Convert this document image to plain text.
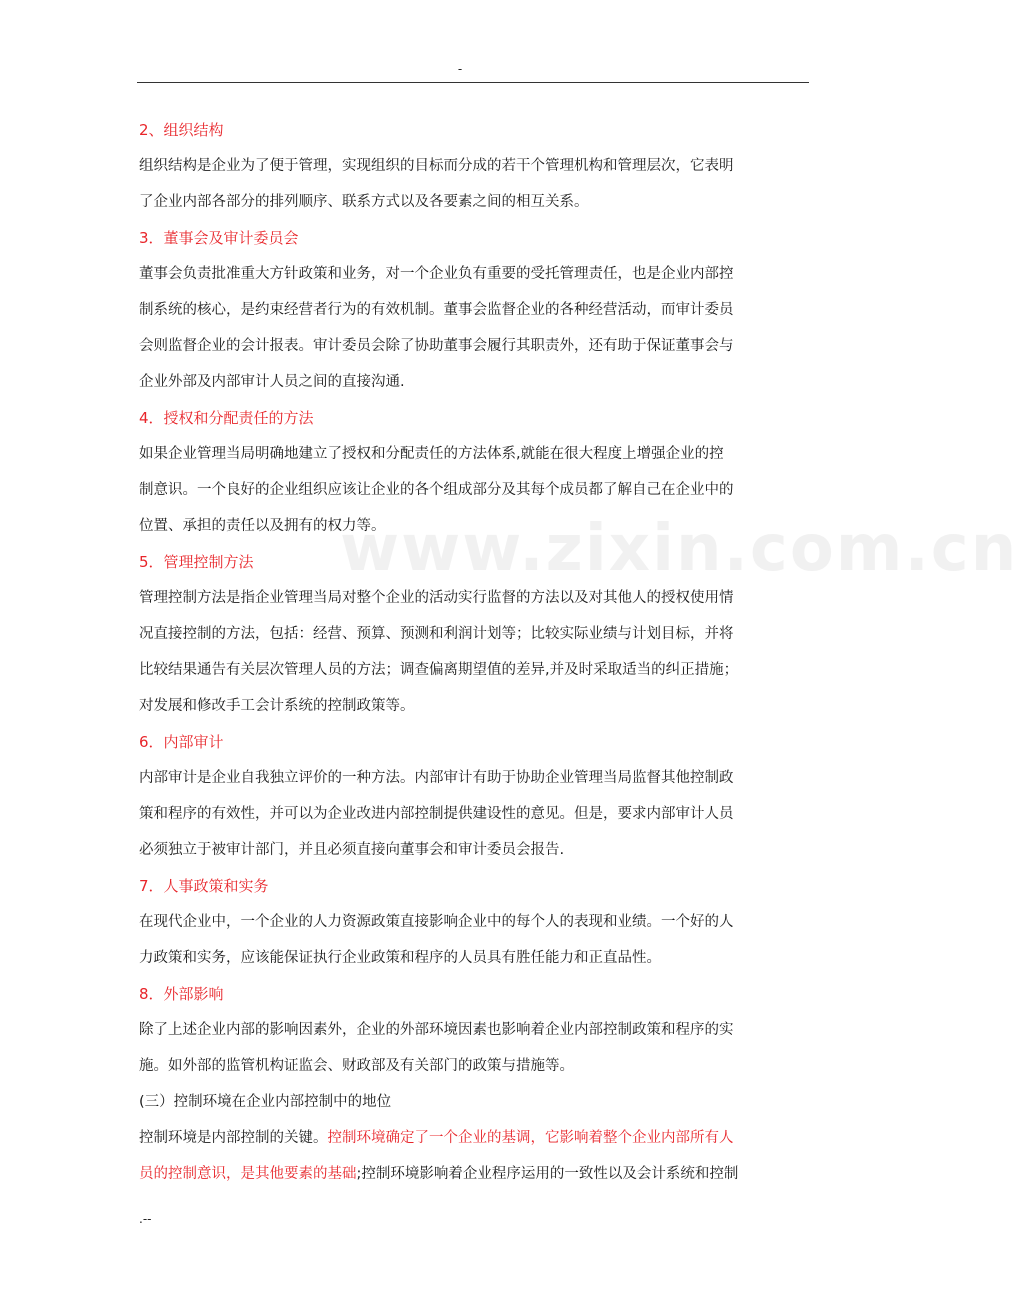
-
www.zixin.com.cn

2、组织结构

组织结构是企业为了便于管理，实现组织的目标而分成的若干个管理机构和管理层次，它表明
了企业内部各部分的排列顺序、联系方式以及各要素之间的相互关系。

3．董事会及审计委员会

董事会负责批准重大方针政策和业务，对一个企业负有重要的受托管理责任，也是企业内部控
制系统的核心，是约束经营者行为的有效机制。董事会监督企业的各种经营活动，而审计委员
会则监督企业的会计报表。审计委员会除了协助董事会履行其职责外，还有助于保证董事会与
企业外部及内部审计人员之间的直接沟通.

4．授权和分配责任的方法

如果企业管理当局明确地建立了授权和分配责任的方法体系,就能在很大程度上增强企业的控
制意识。一个良好的企业组织应该让企业的各个组成部分及其每个成员都了解自己在企业中的
位置、承担的责任以及拥有的权力等。

5．管理控制方法

管理控制方法是指企业管理当局对整个企业的活动实行监督的方法以及对其他人的授权使用情
况直接控制的方法，包括：经营、预算、预测和利润计划等；比较实际业绩与计划目标，并将
比较结果通告有关层次管理人员的方法；调查偏离期望值的差异,并及时采取适当的纠正措施；
对发展和修改手工会计系统的控制政策等。

6．内部审计

内部审计是企业自我独立评价的一种方法。内部审计有助于协助企业管理当局监督其他控制政
策和程序的有效性，并可以为企业改进内部控制提供建设性的意见。但是，要求内部审计人员
必须独立于被审计部门，并且必须直接向董事会和审计委员会报告.

7．人事政策和实务

在现代企业中，一个企业的人力资源政策直接影响企业中的每个人的表现和业绩。一个好的人
力政策和实务，应该能保证执行企业政策和程序的人员具有胜任能力和正直品性。

8．外部影响

除了上述企业内部的影响因素外，企业的外部环境因素也影响着企业内部控制政策和程序的实
施。如外部的监管机构证监会、财政部及有关部门的政策与措施等。

(三）控制环境在企业内部控制中的地位

控制环境是内部控制的关键。控制环境确定了一个企业的基调，它影响着整个企业内部所有人
员的控制意识，是其他要素的基础;控制环境影响着企业程序运用的一致性以及会计系统和控制

.--
